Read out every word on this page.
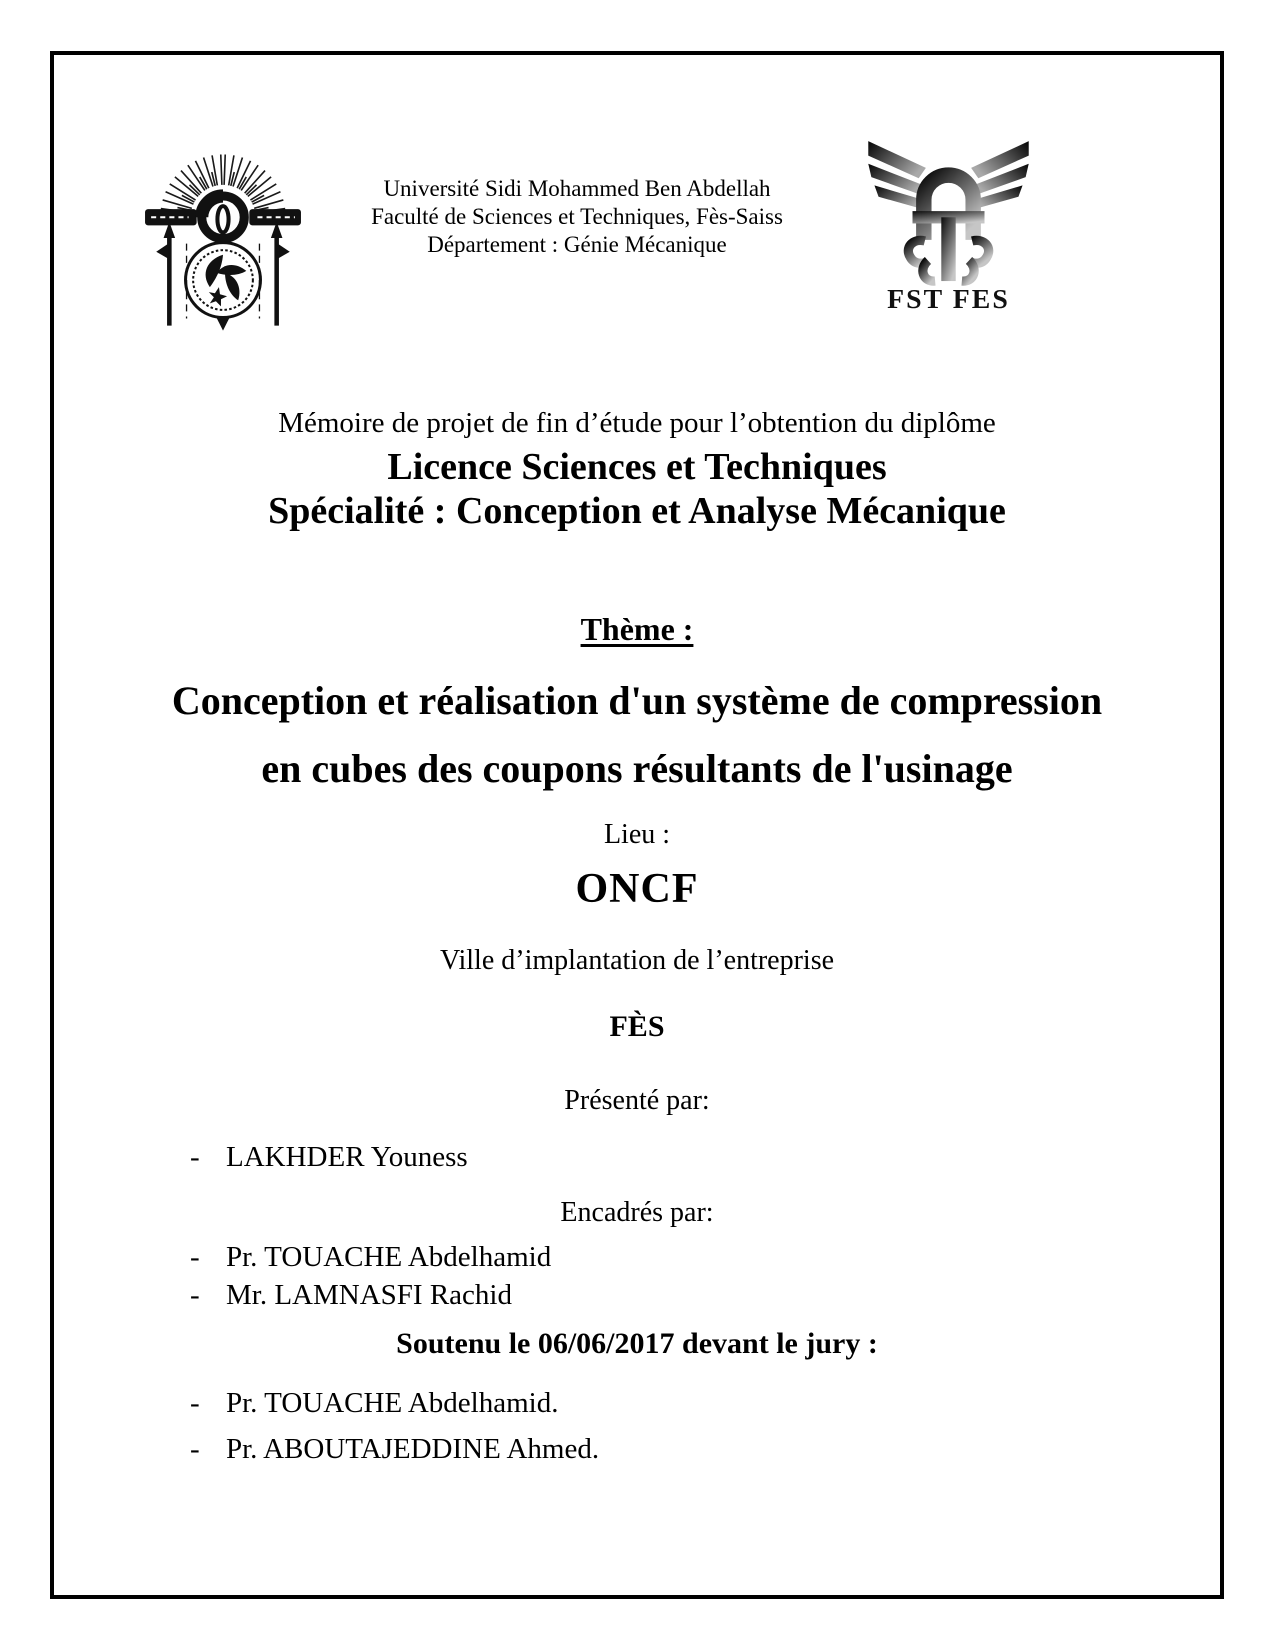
Université Sidi Mohammed Ben Abdellah
Faculté de Sciences et Techniques, Fès-Saiss
Département : Génie Mécanique
FST FES
Mémoire de projet de fin d’étude pour l’obtention du diplôme
Licence Sciences et Techniques
Spécialité : Conception et Analyse Mécanique
Thème :
Conception et réalisation d'un système de compression
en cubes des coupons résultants de l'usinage
Lieu :
ONCF
Ville d’implantation de l’entreprise
FÈS
Présenté par:
- LAKHDER Youness
Encadrés par:
- Pr. TOUACHE Abdelhamid
- Mr. LAMNASFI Rachid
Soutenu le 06/06/2017 devant le jury :
- Pr. TOUACHE Abdelhamid.
- Pr. ABOUTAJEDDINE Ahmed.
